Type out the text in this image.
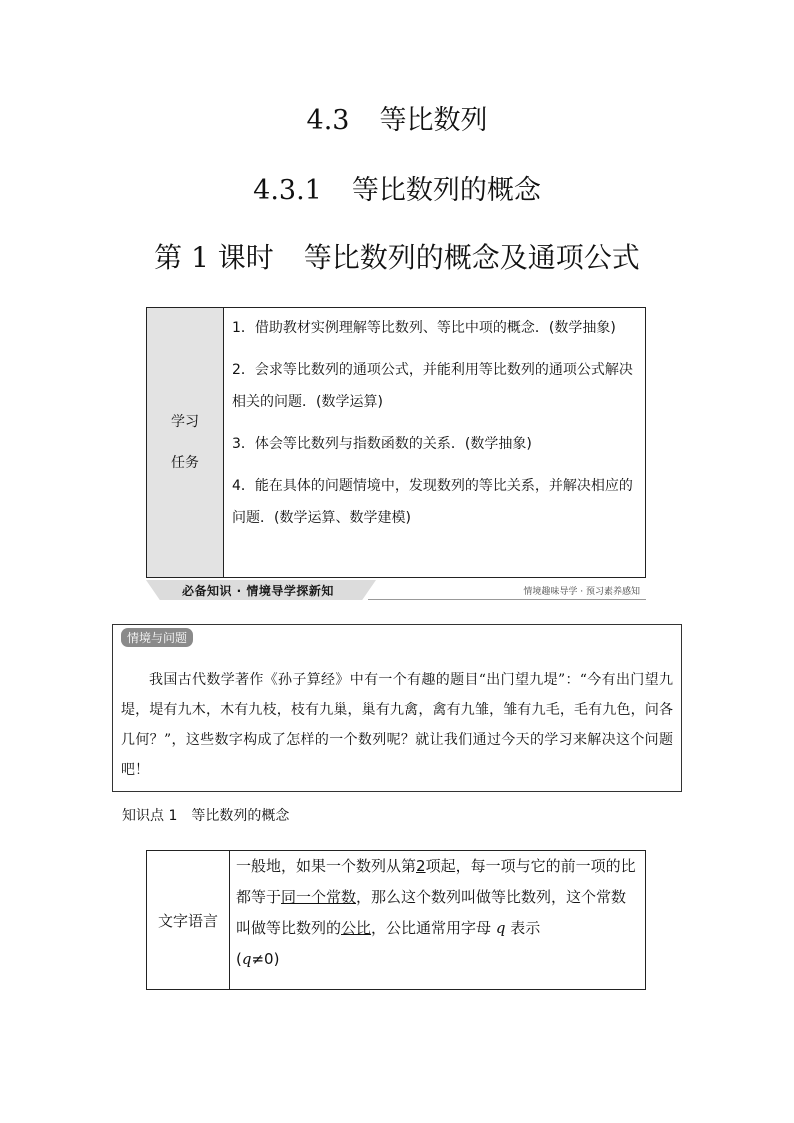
4.3 等比数列
4.3.1 等比数列的概念
第 1 课时 等比数列的概念及通项公式
学习
任务
1．借助教材实例理解等比数列、等比中项的概念．(数学抽象)
2．会求等比数列的通项公式，并能利用等比数列的通项公式解决相关的问题．(数学运算)
3．体会等比数列与指数函数的关系．(数学抽象)
4．能在具体的问题情境中，发现数列的等比关系，并解决相应的问题．(数学运算、数学建模)
必备知识 · 情境导学探新知	情境趣味导学 · 预习素养感知
情境与问题
我国古代数学著作《孙子算经》中有一个有趣的题目“出门望九堤”：“今有出门望九堤，堤有九木，木有九枝，枝有九巢，巢有九禽，禽有九雏，雏有九毛，毛有九色，问各几何？”，这些数字构成了怎样的一个数列呢？就让我们通过今天的学习来解决这个问题吧！
知识点 1　等比数列的概念
文字语言
一般地，如果一个数列从第2项起，每一项与它的前一项的比都等于同一个常数，那么这个数列叫做等比数列，这个常数叫做等比数列的公比，公比通常用字母 q 表示
(q≠0)
